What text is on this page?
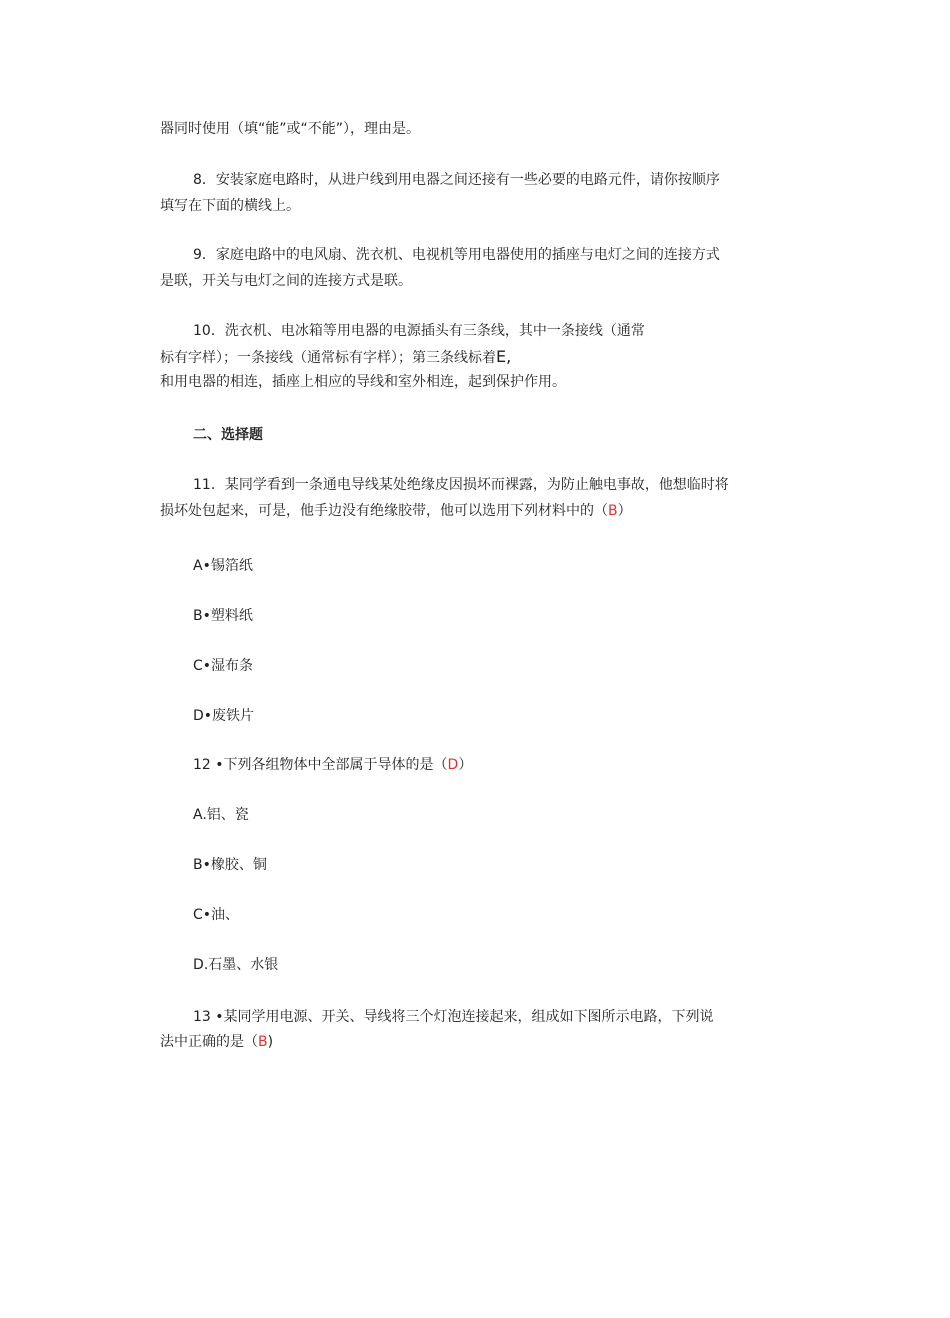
器同时使用（填“能”或“不能”），理由是。
8．安装家庭电路时，从进户线到用电器之间还接有一些必要的电路元件，请你按顺序
填写在下面的横线上。
9．家庭电路中的电风扇、洗衣机、电视机等用电器使用的插座与电灯之间的连接方式
是联，开关与电灯之间的连接方式是联。
10．洗衣机、电冰箱等用电器的电源插头有三条线，其中一条接线（通常
标有字样）；一条接线（通常标有字样）；第三条线标着E,
和用电器的相连，插座上相应的导线和室外相连，起到保护作用。
二、选择题
11．某同学看到一条通电导线某处绝缘皮因损坏而裸露，为防止触电事故，他想临时将
损坏处包起来，可是，他手边没有绝缘胶带，他可以选用下列材料中的（B）
A•锡箔纸
B•塑料纸
C•湿布条
D•废铁片
12 •下列各组物体中全部属于导体的是（D）
A.铝、瓷
B•橡胶、铜
C•油、
D.石墨、水银
13 •某同学用电源、开关、导线将三个灯泡连接起来，组成如下图所示电路，下列说
法中正确的是（B)
